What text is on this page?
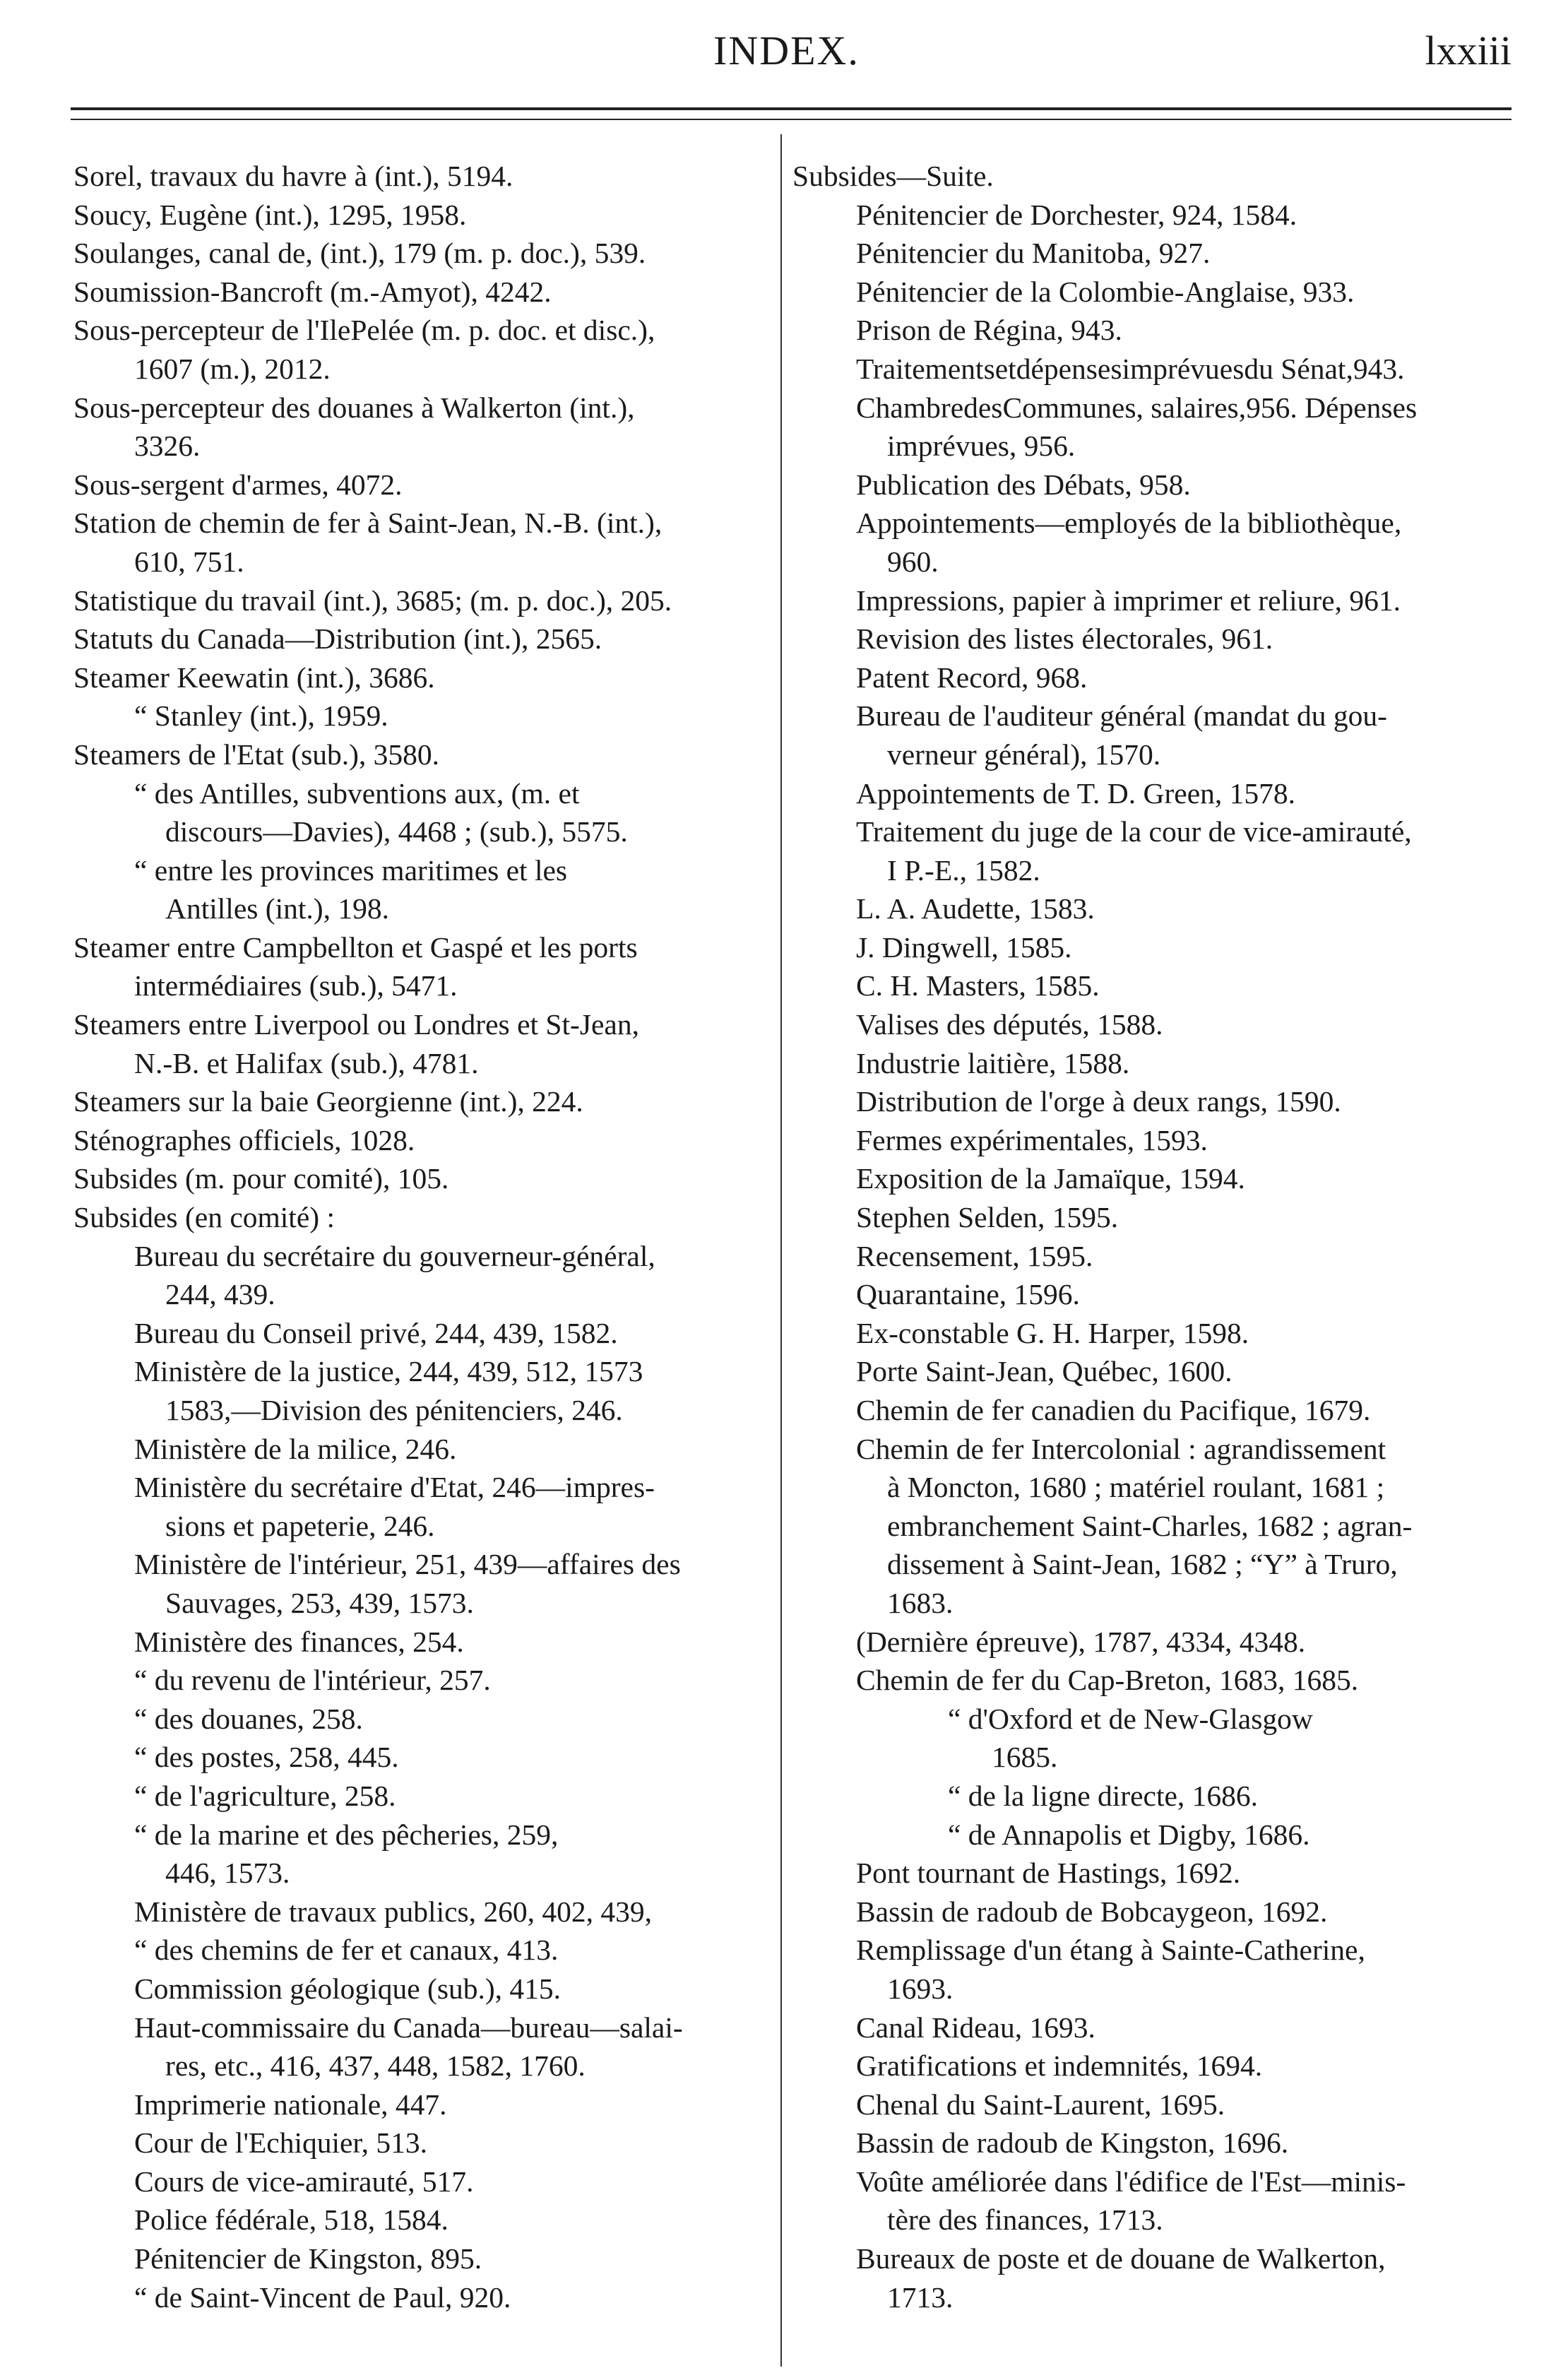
INDEX.	lxxiii
Sorel, travaux du havre à (int.), 5194.
Soucy, Eugène (int.), 1295, 1958.
Soulanges, canal de, (int.), 179 (m. p. doc.), 539.
Soumission-Bancroft (m.-Amyot), 4242.
Sous-percepteur de l'IlePelée (m. p. doc. et disc.),
1607 (m.), 2012.
Sous-percepteur des douanes à Walkerton (int.),
3326.
Sous-sergent d'armes, 4072.
Station de chemin de fer à Saint-Jean, N.-B. (int.),
610, 751.
Statistique du travail (int.), 3685; (m. p. doc.), 205.
Statuts du Canada—Distribution (int.), 2565.
Steamer Keewatin (int.), 3686.
“ Stanley (int.), 1959.
Steamers de l'Etat (sub.), 3580.
“ des Antilles, subventions aux, (m. et
discours—Davies), 4468 ; (sub.), 5575.
“ entre les provinces maritimes et les
Antilles (int.), 198.
Steamer entre Campbellton et Gaspé et les ports
intermédiaires (sub.), 5471.
Steamers entre Liverpool ou Londres et St-Jean,
N.-B. et Halifax (sub.), 4781.
Steamers sur la baie Georgienne (int.), 224.
Sténographes officiels, 1028.
Subsides (m. pour comité), 105.
Subsides (en comité) :
Bureau du secrétaire du gouverneur-général,
244, 439.
Bureau du Conseil privé, 244, 439, 1582.
Ministère de la justice, 244, 439, 512, 1573
1583,—Division des pénitenciers, 246.
Ministère de la milice, 246.
Ministère du secrétaire d'Etat, 246—impres-
sions et papeterie, 246.
Ministère de l'intérieur, 251, 439—affaires des
Sauvages, 253, 439, 1573.
Ministère des finances, 254.
“ du revenu de l'intérieur, 257.
“ des douanes, 258.
“ des postes, 258, 445.
“ de l'agriculture, 258.
“ de la marine et des pêcheries, 259,
446, 1573.
Ministère de travaux publics, 260, 402, 439,
“ des chemins de fer et canaux, 413.
Commission géologique (sub.), 415.
Haut-commissaire du Canada—bureau—salai-
res, etc., 416, 437, 448, 1582, 1760.
Imprimerie nationale, 447.
Cour de l'Echiquier, 513.
Cours de vice-amirauté, 517.
Police fédérale, 518, 1584.
Pénitencier de Kingston, 895.
“ de Saint-Vincent de Paul, 920.
Subsides—Suite.
Pénitencier de Dorchester, 924, 1584.
Pénitencier du Manitoba, 927.
Pénitencier de la Colombie-Anglaise, 933.
Prison de Régina, 943.
Traitementsetdépensesimprévuesdu Sénat,943.
ChambredesCommunes, salaires,956. Dépenses
imprévues, 956.
Publication des Débats, 958.
Appointements—employés de la bibliothèque,
960.
Impressions, papier à imprimer et reliure, 961.
Revision des listes électorales, 961.
Patent Record, 968.
Bureau de l'auditeur général (mandat du gou-
verneur général), 1570.
Appointements de T. D. Green, 1578.
Traitement du juge de la cour de vice-amirauté,
I P.-E., 1582.
L. A. Audette, 1583.
J. Dingwell, 1585.
C. H. Masters, 1585.
Valises des députés, 1588.
Industrie laitière, 1588.
Distribution de l'orge à deux rangs, 1590.
Fermes expérimentales, 1593.
Exposition de la Jamaïque, 1594.
Stephen Selden, 1595.
Recensement, 1595.
Quarantaine, 1596.
Ex-constable G. H. Harper, 1598.
Porte Saint-Jean, Québec, 1600.
Chemin de fer canadien du Pacifique, 1679.
Chemin de fer Intercolonial : agrandissement
à Moncton, 1680 ; matériel roulant, 1681 ;
embranchement Saint-Charles, 1682 ; agran-
dissement à Saint-Jean, 1682 ; “Y” à Truro,
1683.
(Dernière épreuve), 1787, 4334, 4348.
Chemin de fer du Cap-Breton, 1683, 1685.
“ d'Oxford et de New-Glasgow
1685.
“ de la ligne directe, 1686.
“ de Annapolis et Digby, 1686.
Pont tournant de Hastings, 1692.
Bassin de radoub de Bobcaygeon, 1692.
Remplissage d'un étang à Sainte-Catherine,
1693.
Canal Rideau, 1693.
Gratifications et indemnités, 1694.
Chenal du Saint-Laurent, 1695.
Bassin de radoub de Kingston, 1696.
Voûte améliorée dans l'édifice de l'Est—minis-
tère des finances, 1713.
Bureaux de poste et de douane de Walkerton,
1713.
